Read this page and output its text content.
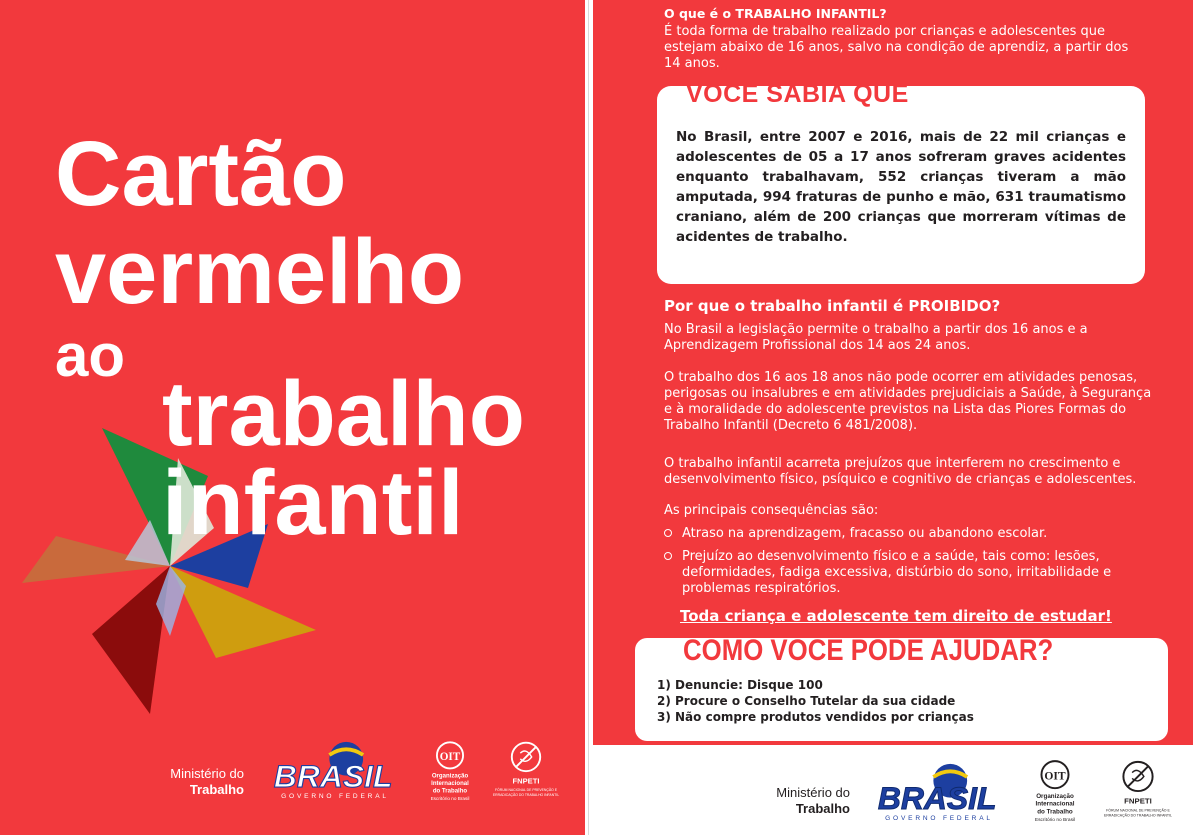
Cartão
vermelho
ao
trabalho
infantil
Ministério do
Trabalho BRASIL
GOVERNO FEDERAL
OIT
Organização
Internacional
do Trabalho
Escritório no Brasil
FNPETI
FÓRUM NACIONAL DE PREVENÇÃO E
ERRADICAÇÃO DO TRABALHO INFANTIL
O que é o TRABALHO INFANTIL?
É toda forma de trabalho realizado por crianças e adolescentes que estejam abaixo de 16 anos, salvo na condição de aprendiz, a partir dos 14 anos.
VOCÊ SABIA QUE
No Brasil, entre 2007 e 2016, mais de 22 mil crianças e adolescentes de 05 a 17 anos sofreram graves acidentes enquanto trabalhavam, 552 crianças tiveram a mão amputada, 994 fraturas de punho e mão, 631 traumatismo craniano, além de 200 crianças que morreram vítimas de acidentes de trabalho.
Por que o trabalho infantil é PROIBIDO?
No Brasil a legislação permite o trabalho a partir dos 16 anos e a Aprendizagem Profissional dos 14 aos 24 anos.
O trabalho dos 16 aos 18 anos não pode ocorrer em atividades penosas, perigosas ou insalubres e em atividades prejudiciais a Saúde, à Segurança e à moralidade do adolescente previstos na Lista das Piores Formas do Trabalho Infantil (Decreto 6 481/2008).
O trabalho infantil acarreta prejuízos que interferem no crescimento e desenvolvimento físico, psíquico e cognitivo de crianças e adolescentes.
As principais consequências são:
Atraso na aprendizagem, fracasso ou abandono escolar.
Prejuízo ao desenvolvimento físico e a saúde, tais como: lesões, deformidades, fadiga excessiva, distúrbio do sono, irritabilidade e problemas respiratórios.
Toda criança e adolescente tem direito de estudar!
COMO VOCÊ PODE AJUDAR?
1) Denuncie: Disque 100
2) Procure o Conselho Tutelar da sua cidade
3) Não compre produtos vendidos por crianças
Ministério do
Trabalho BRASIL
GOVERNO FEDERAL
OIT
Organização
Internacional
do Trabalho
Escritório no Brasil
FNPETI
FÓRUM NACIONAL DE PREVENÇÃO E
ERRADICAÇÃO DO TRABALHO INFANTIL
